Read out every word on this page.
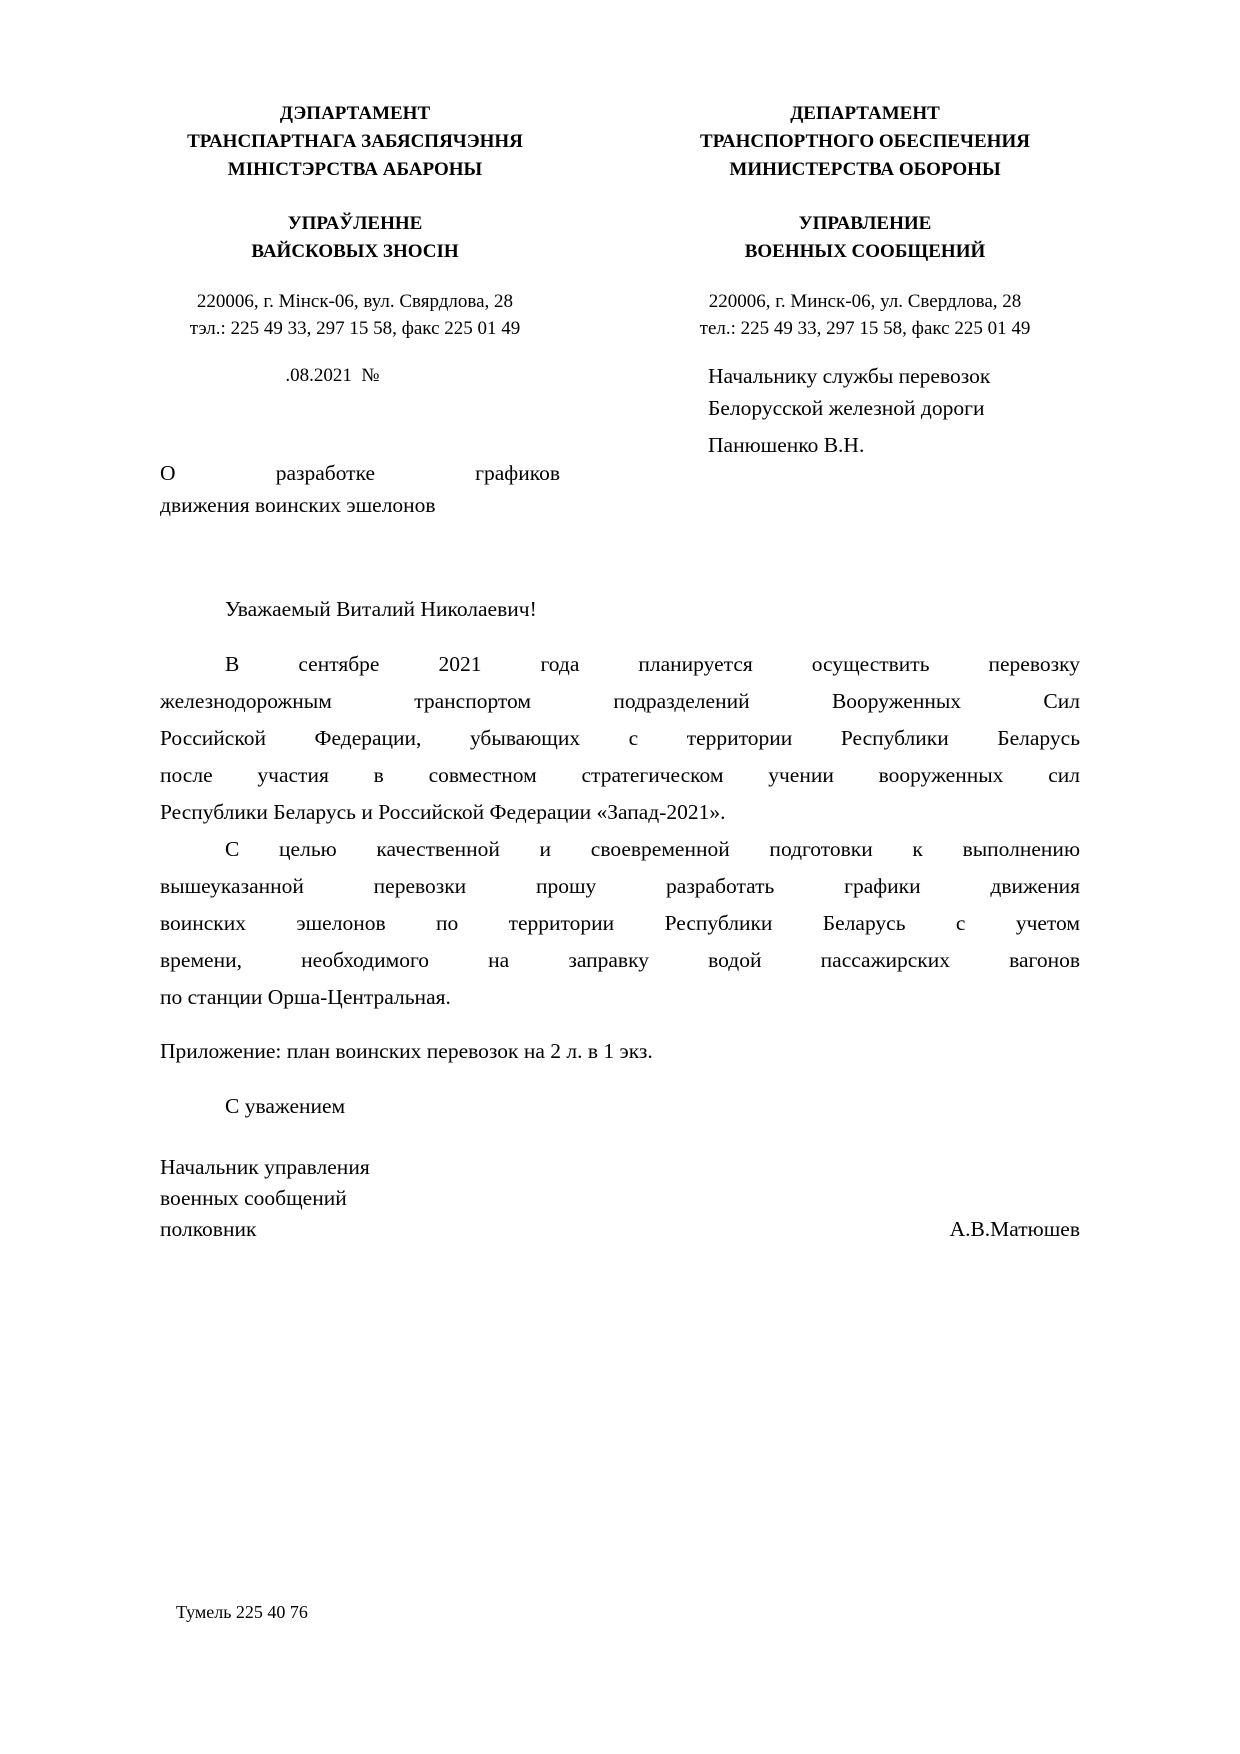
ДЭПАРТАМЕНТ
ТРАНСПАРТНАГА ЗАБЯСПЯЧЭННЯ
МІНІСТЭРСТВА АБАРОНЫ
УПРАЎЛЕННЕ
ВАЙСКОВЫХ ЗНОСІН
220006, г. Мінск-06, вул. Свярдлова, 28
тэл.: 225 49 33, 297 15 58, факс 225 01 49
ДЕПАРТАМЕНТ
ТРАНСПОРТНОГО ОБЕСПЕЧЕНИЯ
МИНИСТЕРСТВА ОБОРОНЫ
УПРАВЛЕНИЕ
ВОЕННЫХ СООБЩЕНИЙ
220006, г. Минск-06, ул. Свердлова, 28
тел.: 225 49 33, 297 15 58, факс 225 01 49
.08.2021  №	Начальнику службы перевозок
Белорусской железной дороги
Панюшенко В.Н.
О разработке графиков
движения воинских эшелонов
Уважаемый Виталий Николаевич!
В сентябре 2021 года планируется осуществить перевозку
железнодорожным транспортом подразделений Вооруженных Сил
Российской Федерации, убывающих с территории Республики Беларусь
после участия в совместном стратегическом учении вооруженных сил
Республики Беларусь и Российской Федерации «Запад-2021».
С целью качественной и своевременной подготовки к выполнению
вышеуказанной перевозки прошу разработать графики движения
воинских эшелонов по территории Республики Беларусь с учетом
времени, необходимого на заправку водой пассажирских вагонов
по станции Орша-Центральная.
Приложение: план воинских перевозок на 2 л. в 1 экз.
С уважением
Начальник управления
военных сообщений
полковник	А.В.Матюшев
Тумель 225 40 76
